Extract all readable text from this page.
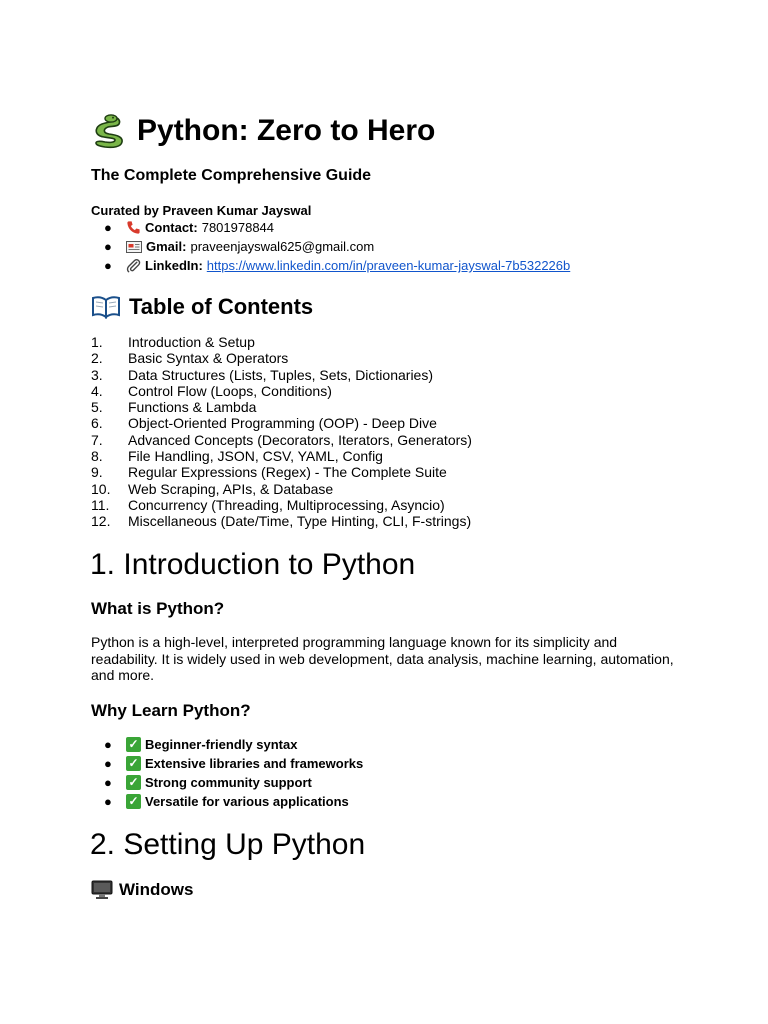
Python: Zero to Hero
The Complete Comprehensive Guide
Curated by Praveen Kumar Jayswal
●	Contact: 7801978844
●	Gmail: praveenjayswal625@gmail.com
●	LinkedIn: https://www.linkedin.com/in/praveen-kumar-jayswal-7b532226b
Table of Contents
1.	Introduction & Setup
2.	Basic Syntax & Operators
3.	Data Structures (Lists, Tuples, Sets, Dictionaries)
4.	Control Flow (Loops, Conditions)
5.	Functions & Lambda
6.	Object-Oriented Programming (OOP) - Deep Dive
7.	Advanced Concepts (Decorators, Iterators, Generators)
8.	File Handling, JSON, CSV, YAML, Config
9.	Regular Expressions (Regex) - The Complete Suite
10.	Web Scraping, APIs, & Database
11.	Concurrency (Threading, Multiprocessing, Asyncio)
12.	Miscellaneous (Date/Time, Type Hinting, CLI, F-strings)
1. Introduction to Python
What is Python?
Python is a high-level, interpreted programming language known for its simplicity and readability. It is widely used in web development, data analysis, machine learning, automation, and more.
Why Learn Python?
●	✓ Beginner-friendly syntax
●	✓ Extensive libraries and frameworks
●	✓ Strong community support
●	✓ Versatile for various applications
2. Setting Up Python
Windows
